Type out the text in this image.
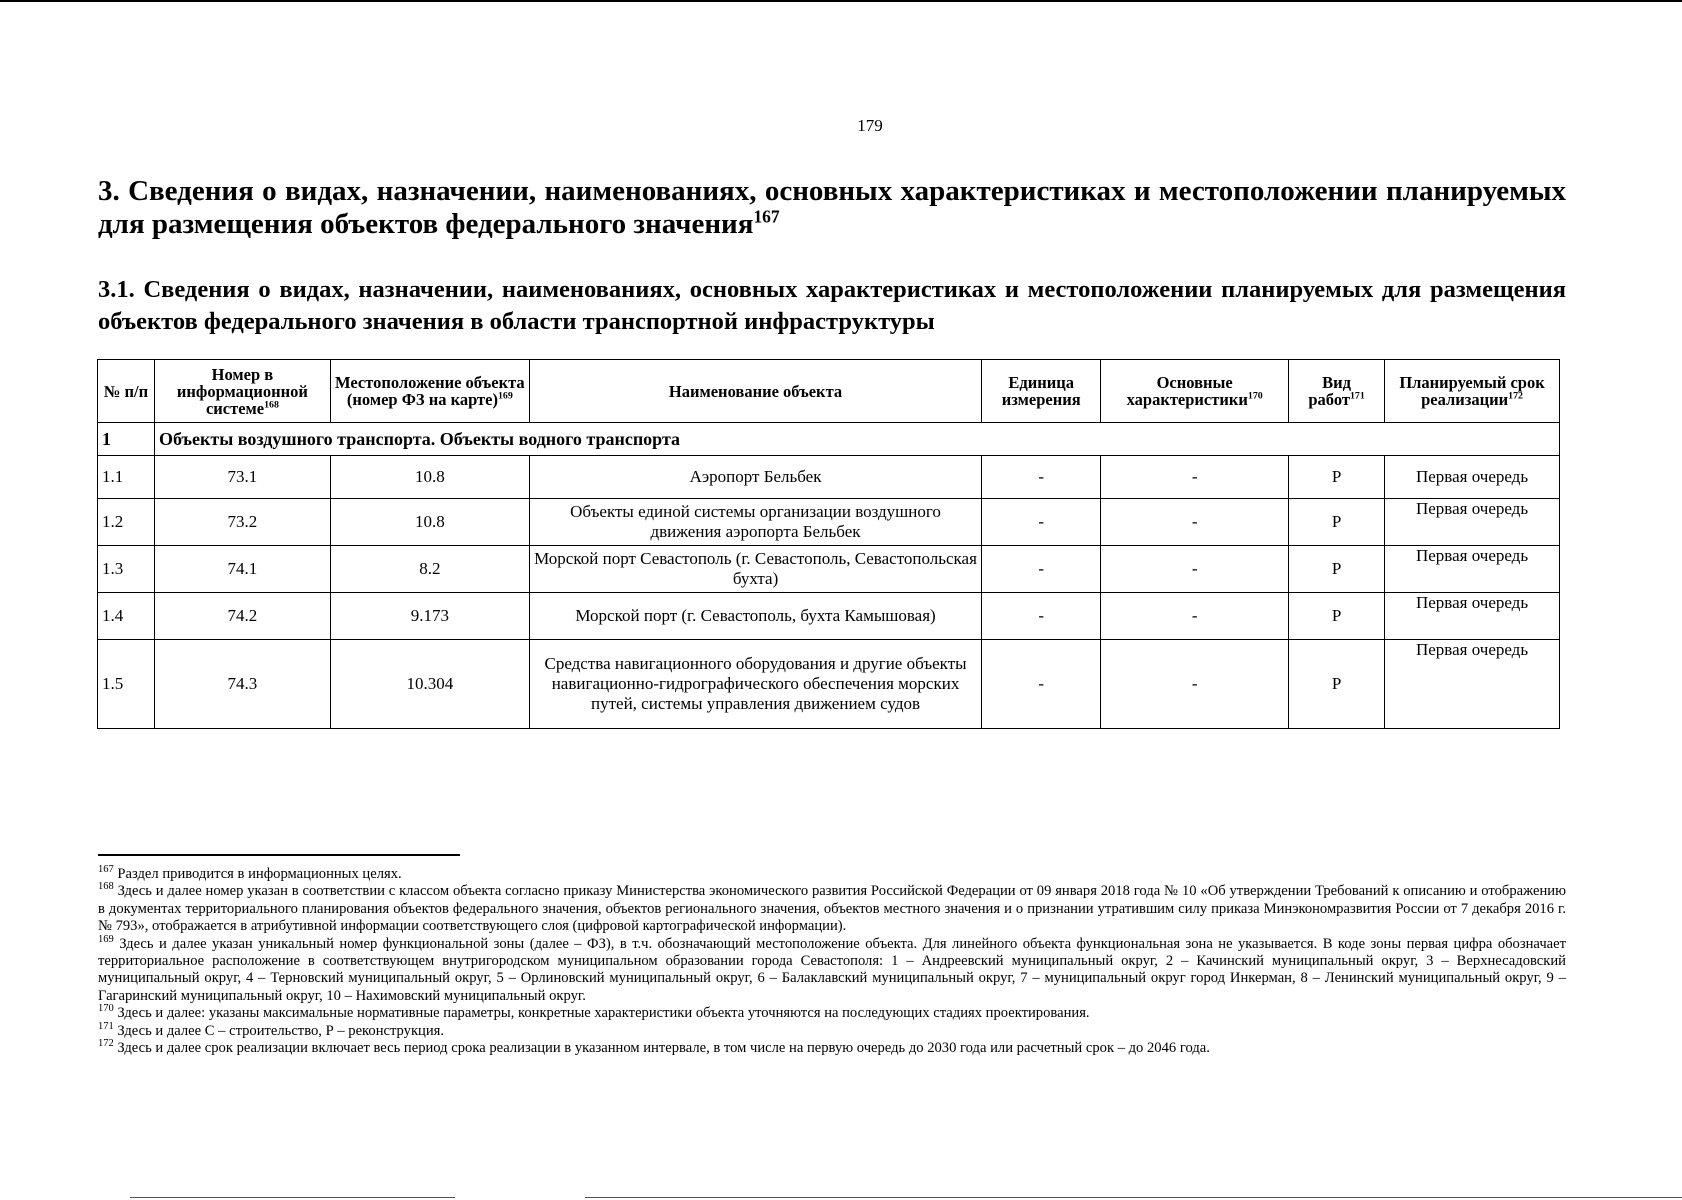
179
3. Сведения о видах, назначении, наименованиях, основных характеристиках и местоположении планируемых для размещения объектов федерального значения$^{167}$
3.1. Сведения о видах, назначении, наименованиях, основных характеристиках и местоположении планируемых для размещения объектов федерального значения в области транспортной инфраструктуры
№ п/п	Номер в информационной системе$^{168}$	Местоположение объекта (номер ФЗ на карте)$^{169}$	Наименование объекта	Единица измерения	Основные характеристики$^{170}$	Вид работ$^{171}$	Планируемый срок реализации$^{172}$
1	Объекты воздушного транспорта. Объекты водного транспорта						
1.1	73.1	10.8	Аэропорт Бельбек	-	-	Р	Первая очередь
1.2	73.2	10.8	Объекты единой системы организации воздушного движения аэропорта Бельбек	-	-	Р	Первая очередь
1.3	74.1	8.2	Морской порт Севастополь (г. Севастополь, Севастопольская бухта)	-	-	Р	Первая очередь
1.4	74.2	9.173	Морской порт (г. Севастополь, бухта Камышовая)	-	-	Р	Первая очередь
1.5	74.3	10.304	Средства навигационного оборудования и другие объекты навигационно-гидрографического обеспечения морских путей, системы управления движением судов	-	-	Р	Первая очередь

$^{167}$ Раздел приводится в информационных целях.

$^{168}$ Здесь и далее номер указан в соответствии с классом объекта согласно приказу Министерства экономического развития Российской Федерации от 09 января 2018 года № 10 «Об утверждении Требований к описанию и отображению в документах территориального планирования объектов федерального значения, объектов регионального значения, объектов местного значения и о признании утратившим силу приказа Минэкономразвития России от 7 декабря 2016 г. № 793», отображается в атрибутивной информации соответствующего слоя (цифровой картографической информации).

$^{169}$ Здесь и далее указан уникальный номер функциональной зоны (далее – ФЗ), в т.ч. обозначающий местоположение объекта. Для линейного объекта функциональная зона не указывается. В коде зоны первая цифра обозначает территориальное расположение в соответствующем внутригородском муниципальном образовании города Севастополя: 1 – Андреевский муниципальный округ, 2 – Качинский муниципальный округ, 3 – Верхнесадовский муниципальный округ, 4 – Терновский муниципальный округ, 5 – Орлиновский муниципальный округ, 6 – Балаклавский муниципальный округ, 7 – муниципальный округ город Инкерман, 8 – Ленинский муниципальный округ, 9 – Гагаринский муниципальный округ, 10 – Нахимовский муниципальный округ.

$^{170}$ Здесь и далее: указаны максимальные нормативные параметры, конкретные характеристики объекта уточняются на последующих стадиях проектирования.

$^{171}$ Здесь и далее С – строительство, Р – реконструкция.

$^{172}$ Здесь и далее срок реализации включает весь период срока реализации в указанном интервале, в том числе на первую очередь до 2030 года или расчетный срок – до 2046 года.
